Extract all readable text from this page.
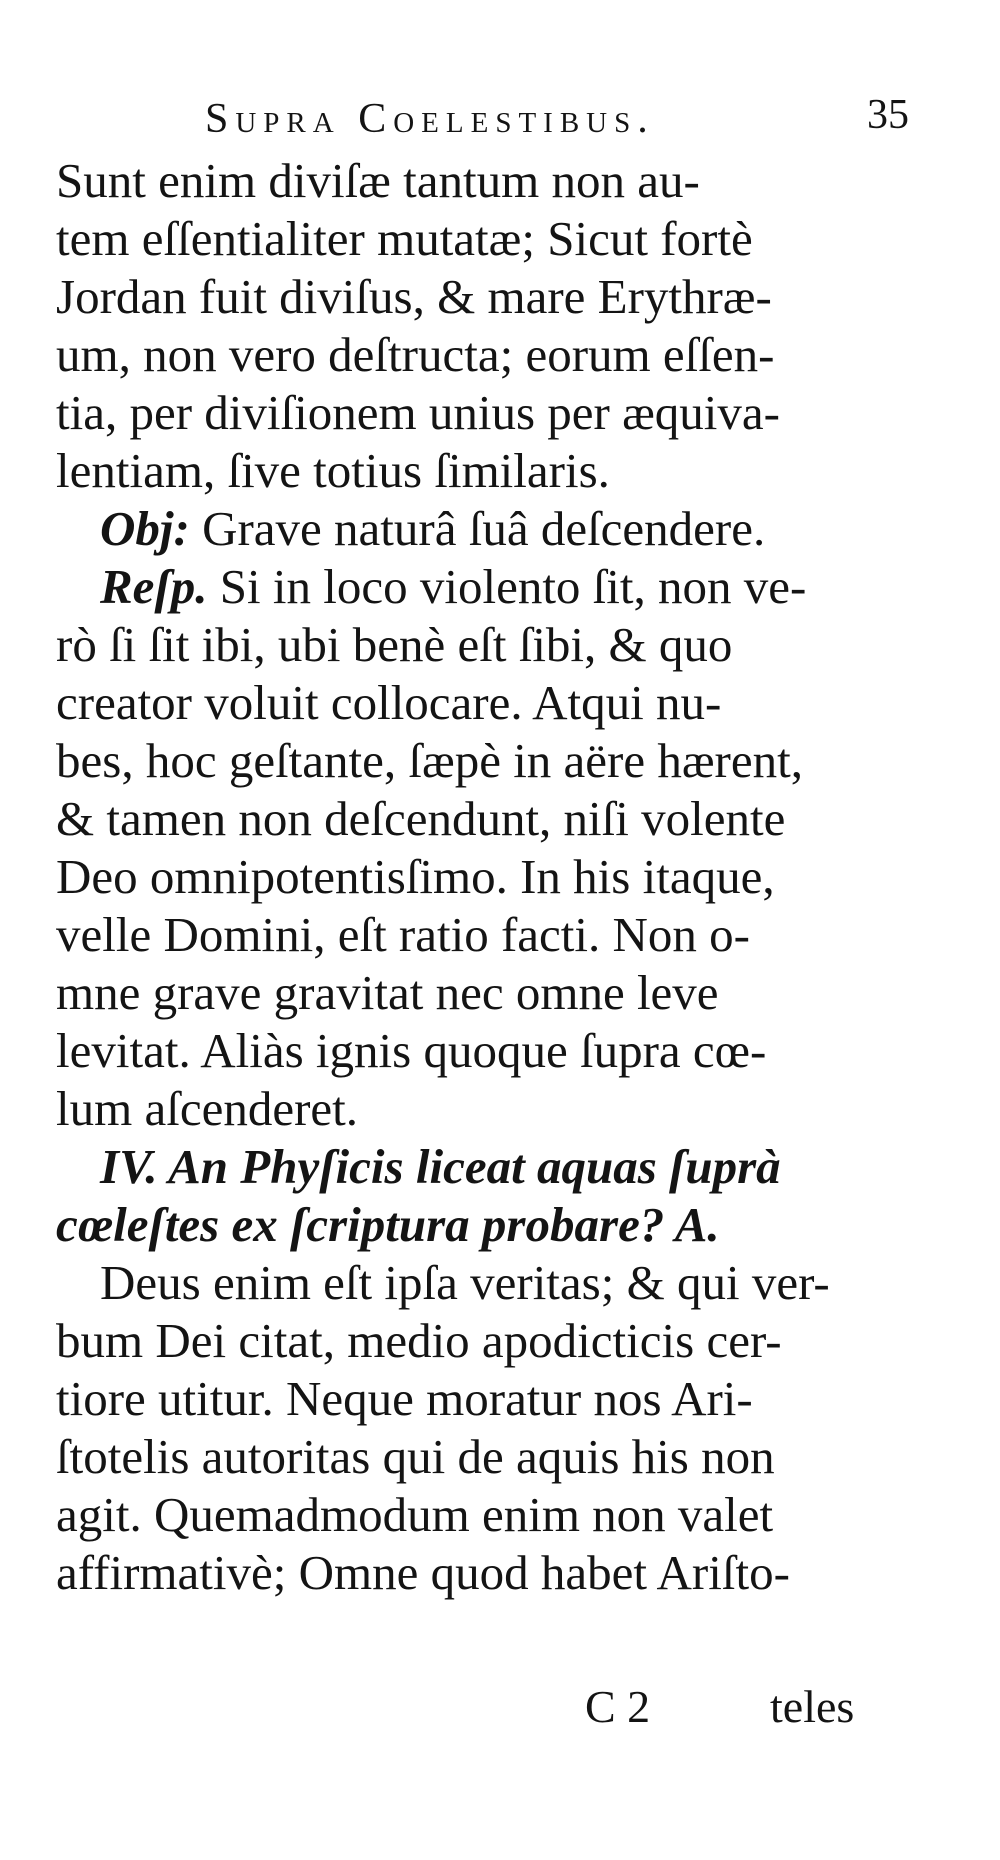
Supra Coelestibus.	35
Sunt enim diviſæ tantum non au-
tem eſſentialiter mutatæ; Sicut fortè
Jordan fuit diviſus, & mare Erythræ-
um, non vero deſtructa; eorum eſſen-
tia, per diviſionem unius per æquiva-
lentiam, ſive totius ſimilaris.
Obj: Grave naturâ ſuâ deſcendere.
Reſp. Si in loco violento ſit, non ve-
rò ſi ſit ibi, ubi benè eſt ſibi, & quo
creator voluit collocare. Atqui nu-
bes, hoc geſtante, ſæpè in aëre hærent,
& tamen non deſcendunt, niſi volente
Deo omnipotentisſimo. In his itaque,
velle Domini, eſt ratio facti. Non o-
mne grave gravitat nec omne leve
levitat. Aliàs ignis quoque ſupra cœ-
lum aſcenderet.
IV. An Phyſicis liceat aquas ſuprà
cœleſtes ex ſcriptura probare? A.
Deus enim eſt ipſa veritas; & qui ver-
bum Dei citat, medio apodicticis cer-
tiore utitur. Neque moratur nos Ari-
ſtotelis autoritas qui de aquis his non
agit. Quemadmodum enim non valet
affirmativè; Omne quod habet Ariſto-
C 2	teles
